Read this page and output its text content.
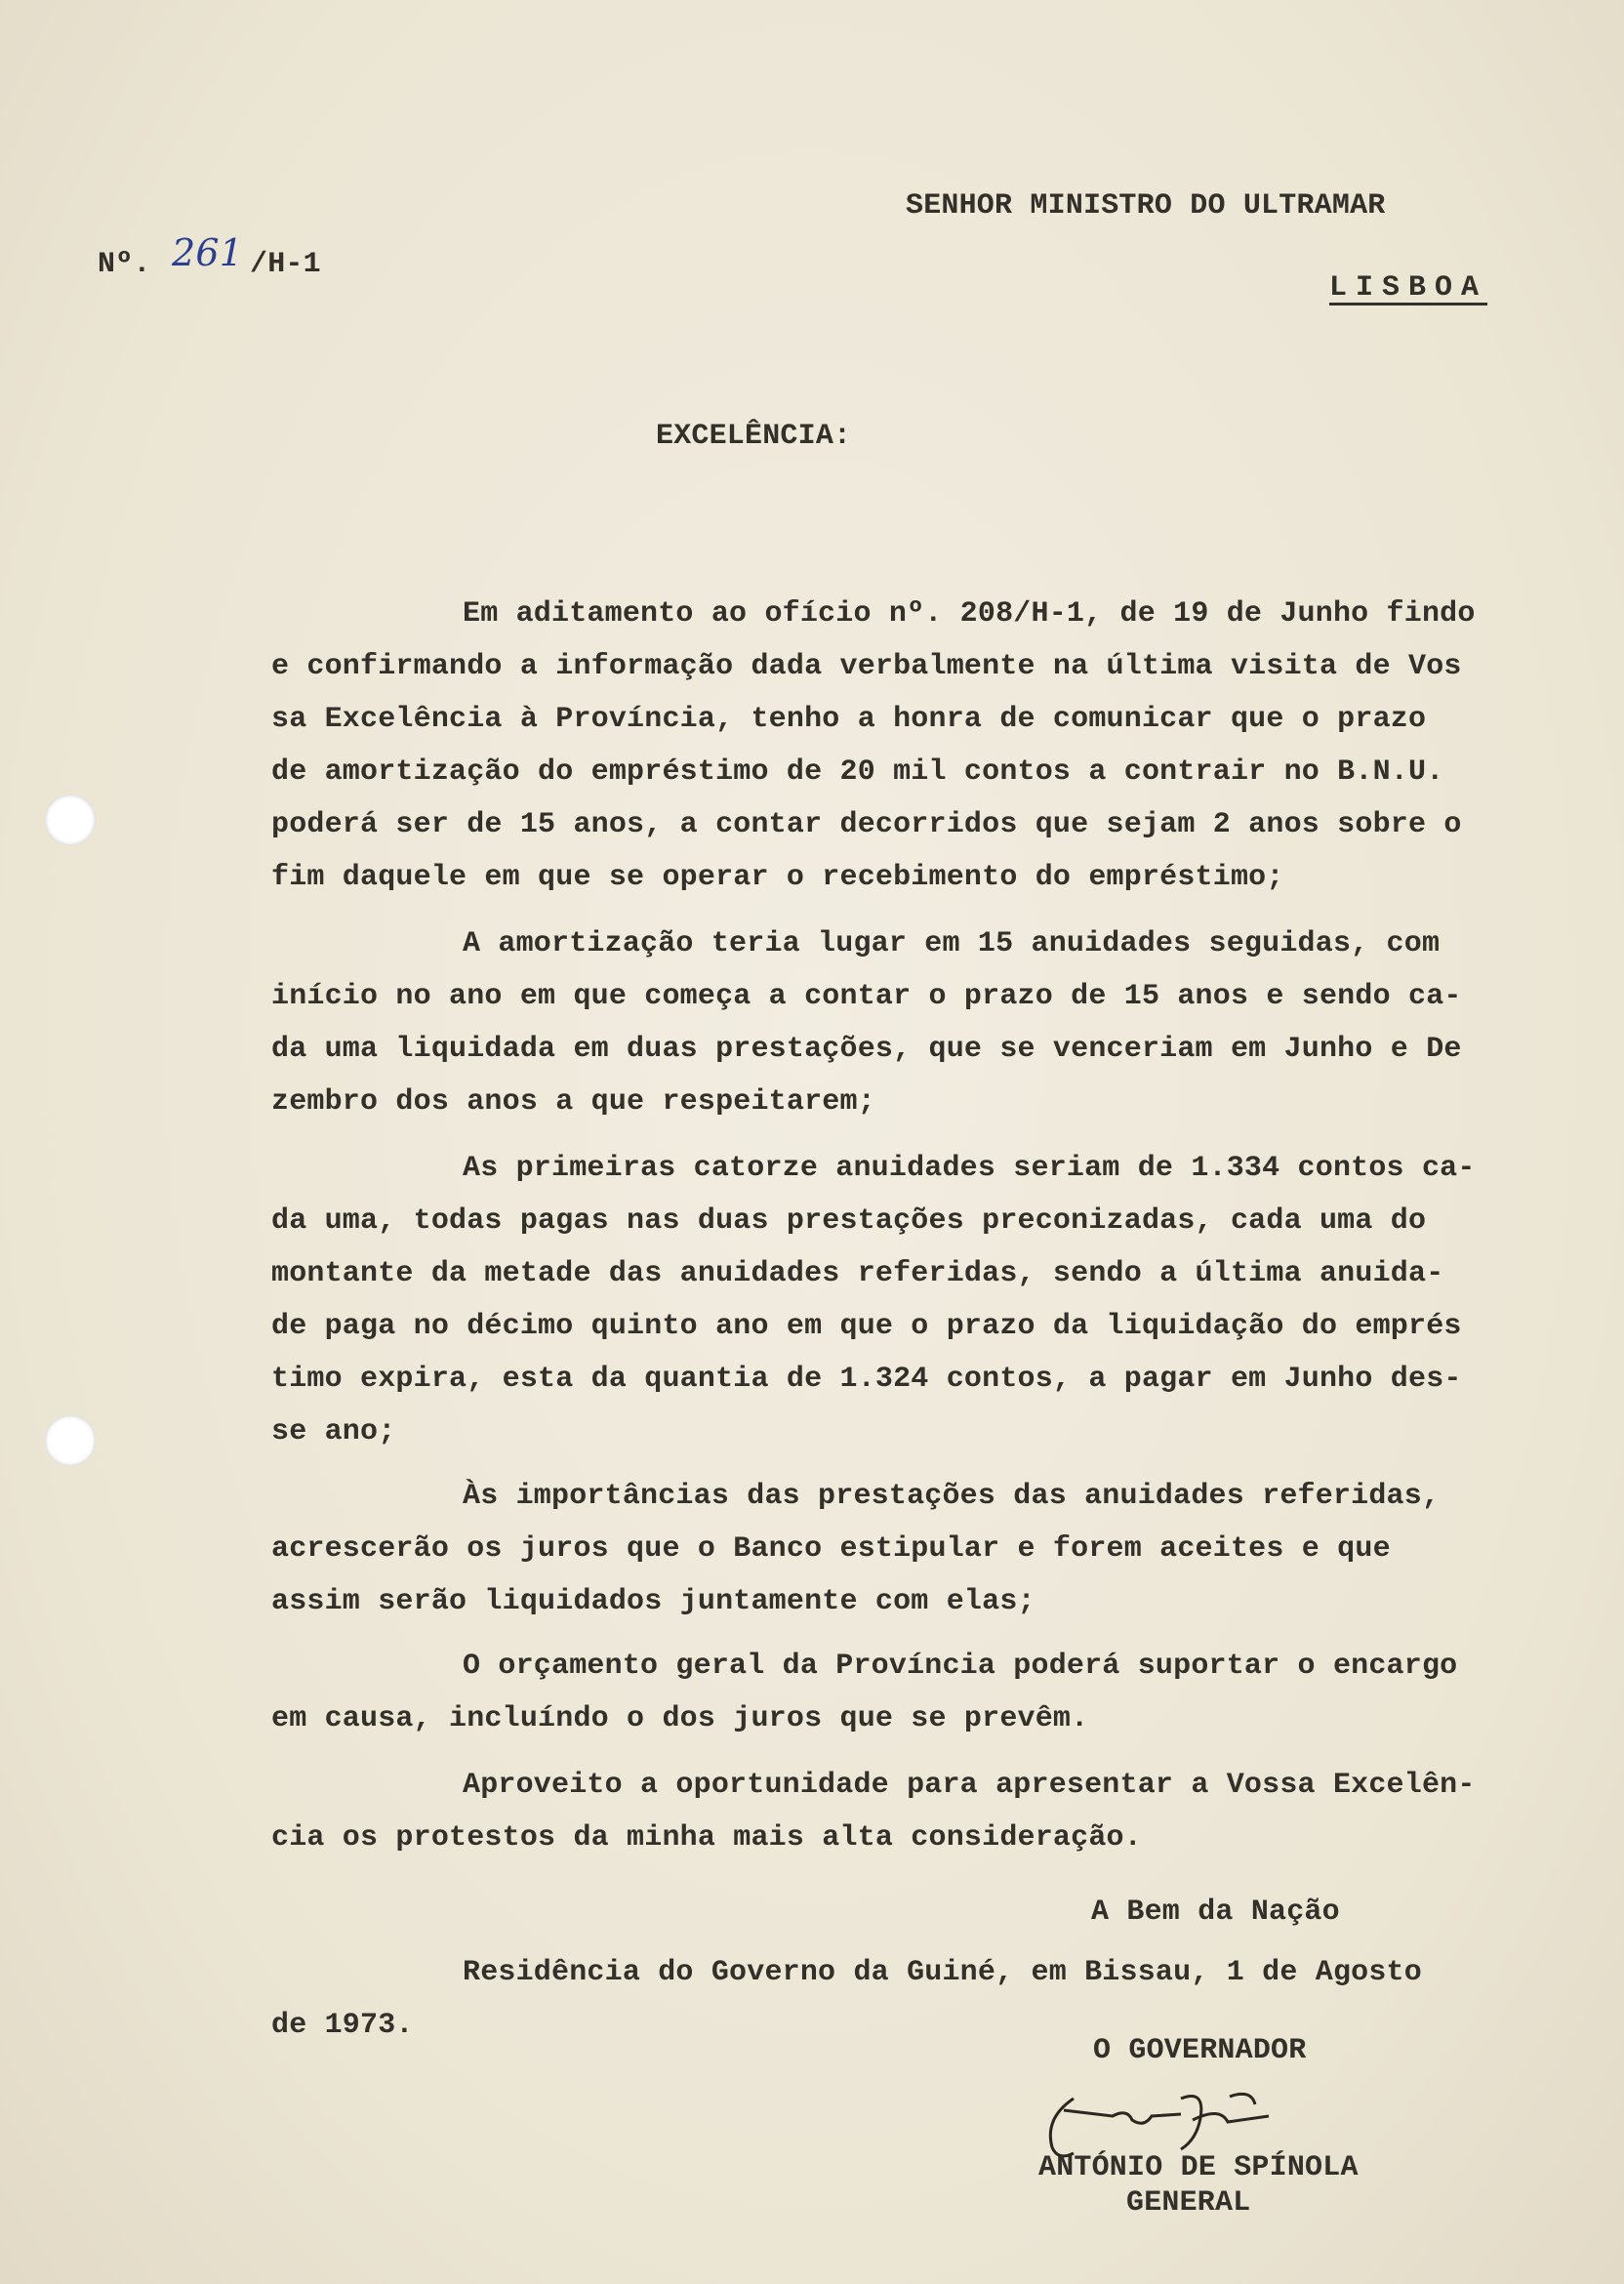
SENHOR MINISTRO DO ULTRAMAR
Nº. 261 /H-1
LISBOA
EXCELÊNCIA:
Em aditamento ao ofício nº. 208/H-1, de 19 de Junho findo
e confirmando a informação dada verbalmente na última visita de Vos
sa Excelência à Província, tenho a honra de comunicar que o prazo
de amortização do empréstimo de 20 mil contos a contrair no B.N.U.
poderá ser de 15 anos, a contar decorridos que sejam 2 anos sobre o
fim daquele em que se operar o recebimento do empréstimo;
A amortização teria lugar em 15 anuidades seguidas, com
início no ano em que começa a contar o prazo de 15 anos e sendo ca-
da uma liquidada em duas prestações, que se venceriam em Junho e De
zembro dos anos a que respeitarem;
As primeiras catorze anuidades seriam de 1.334 contos ca-
da uma, todas pagas nas duas prestações preconizadas, cada uma do
montante da metade das anuidades referidas, sendo a última anuida-
de paga no décimo quinto ano em que o prazo da liquidação do emprés
timo expira, esta da quantia de 1.324 contos, a pagar em Junho des-
se ano;
Às importâncias das prestações das anuidades referidas,
acrescerão os juros que o Banco estipular e forem aceites e que
assim serão liquidados juntamente com elas;
O orçamento geral da Província poderá suportar o encargo
em causa, incluíndo o dos juros que se prevêm.
Aproveito a oportunidade para apresentar a Vossa Excelên-
cia os protestos da minha mais alta consideração.
A Bem da Nação
Residência do Governo da Guiné, em Bissau, 1 de Agosto
de 1973.
O GOVERNADOR
ANTÓNIO DE SPÍNOLA
GENERAL
